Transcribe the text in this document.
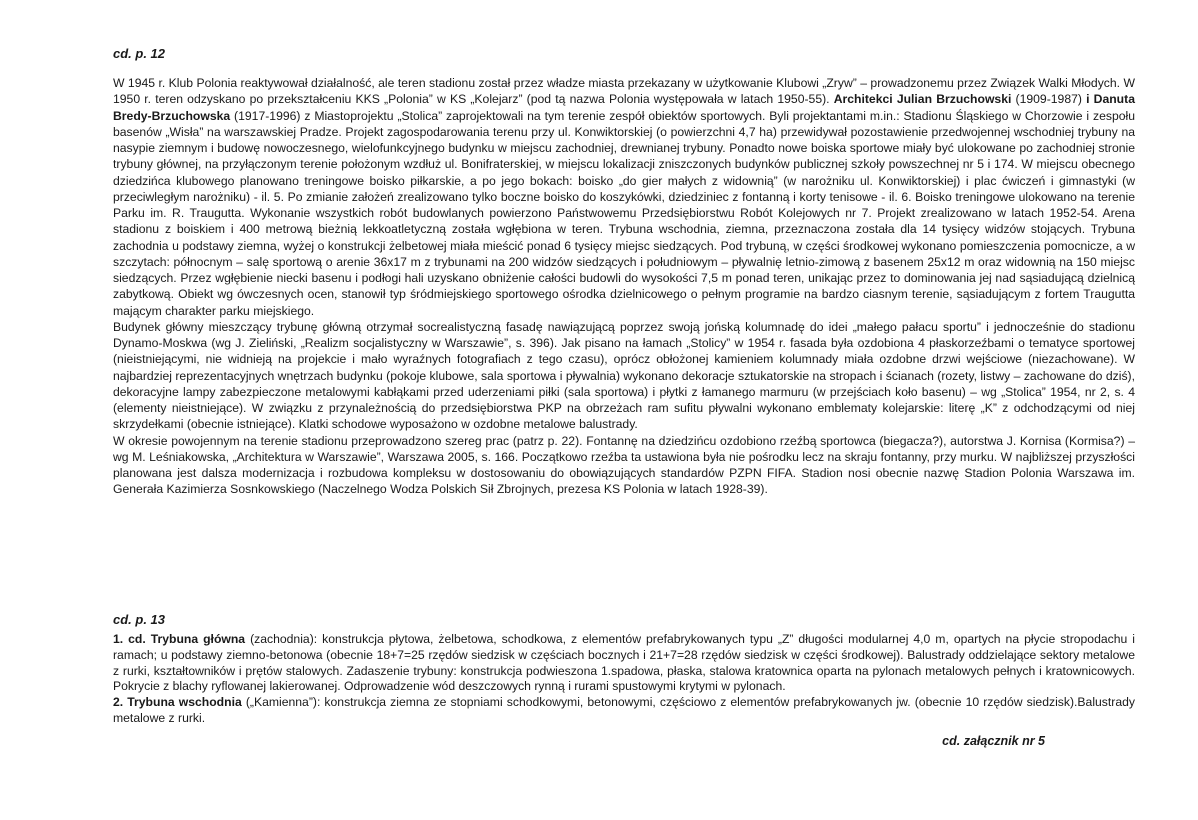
cd. p. 12

W 1945 r. Klub Polonia reaktywował działalność, ale teren stadionu został przez władze miasta przekazany w użytkowanie Klubowi „Zryw” – prowadzonemu przez Związek Walki Młodych. W 1950 r. teren odzyskano po przekształceniu KKS „Polonia” w KS „Kolejarz” (pod tą nazwa Polonia występowała w latach 1950-55). Architekci Julian Brzuchowski (1909-1987) i Danuta Bredy-Brzuchowska (1917-1996) z Miastoprojektu „Stolica” zaprojektowali na tym terenie zespół obiektów sportowych. Byli projektantami m.in.: Stadionu Śląskiego w Chorzowie i zespołu basenów „Wisła” na warszawskiej Pradze. Projekt zagospodarowania terenu przy ul. Konwiktorskiej (o powierzchni 4,7 ha) przewidywał pozostawienie przedwojennej wschodniej trybuny na nasypie ziemnym i budowę nowoczesnego, wielofunkcyjnego budynku w miejscu zachodniej, drewnianej trybuny. Ponadto nowe boiska sportowe miały być ulokowane po zachodniej stronie trybuny głównej, na przyłączonym terenie położonym wzdłuż ul. Bonifraterskiej, w miejscu lokalizacji zniszczonych budynków publicznej szkoły powszechnej nr 5 i 174. W miejscu obecnego dziedzińca klubowego planowano treningowe boisko piłkarskie, a po jego bokach: boisko „do gier małych z widownią” (w narożniku ul. Konwiktorskiej) i plac ćwiczeń i gimnastyki (w przeciwległym narożniku) - il. 5. Po zmianie założeń zrealizowano tylko boczne boisko do koszykówki, dziedziniec z fontanną i korty tenisowe - il. 6. Boisko treningowe ulokowano na terenie Parku im. R. Traugutta. Wykonanie wszystkich robót budowlanych powierzono Państwowemu Przedsiębiorstwu Robót Kolejowych nr 7. Projekt zrealizowano w latach 1952-54. Arena stadionu z boiskiem i 400 metrową bieżnią lekkoatletyczną została wgłębiona w teren. Trybuna wschodnia, ziemna, przeznaczona została dla 14 tysięcy widzów stojących. Trybuna zachodnia u podstawy ziemna, wyżej o konstrukcji żelbetowej miała mieścić ponad 6 tysięcy miejsc siedzących. Pod trybuną, w części środkowej wykonano pomieszczenia pomocnicze, a w szczytach: północnym – salę sportową o arenie 36x17 m z trybunami na 200 widzów siedzących i południowym – pływalnię letnio-zimową z basenem 25x12 m oraz widownią na 150 miejsc siedzących. Przez wgłębienie niecki basenu i podłogi hali uzyskano obniżenie całości budowli do wysokości 7,5 m ponad teren, unikając przez to dominowania jej nad sąsiadującą dzielnicą zabytkową. Obiekt wg ówczesnych ocen, stanowił typ śródmiejskiego sportowego ośrodka dzielnicowego o pełnym programie na bardzo ciasnym terenie, sąsiadującym z fortem Traugutta mającym charakter parku miejskiego.

Budynek główny mieszczący trybunę główną otrzymał socrealistyczną fasadę nawiązującą poprzez swoją jońską kolumnadę do idei „małego pałacu sportu” i jednocześnie do stadionu Dynamo-Moskwa (wg J. Zieliński, „Realizm socjalistyczny w Warszawie”, s. 396). Jak pisano na łamach „Stolicy” w 1954 r. fasada była ozdobiona 4 płaskorzeźbami o tematyce sportowej (nieistniejącymi, nie widnieją na projekcie i mało wyraźnych fotografiach z tego czasu), oprócz obłożonej kamieniem kolumnady miała ozdobne drzwi wejściowe (niezachowane). W najbardziej reprezentacyjnych wnętrzach budynku (pokoje klubowe, sala sportowa i pływalnia) wykonano dekoracje sztukatorskie na stropach i ścianach (rozety, listwy – zachowane do dziś), dekoracyjne lampy zabezpieczone metalowymi kabłąkami przed uderzeniami piłki (sala sportowa) i płytki z łamanego marmuru (w przejściach koło basenu) – wg „Stolica” 1954, nr 2, s. 4 (elementy nieistniejące). W związku z przynależnością do przedsiębiorstwa PKP na obrzeżach ram sufitu pływalni wykonano emblematy kolejarskie: literę „K” z odchodzącymi od niej skrzydełkami (obecnie istniejące). Klatki schodowe wyposażono w ozdobne metalowe balustrady.

W okresie powojennym na terenie stadionu przeprowadzono szereg prac (patrz p. 22). Fontannę na dziedzińcu ozdobiono rzeźbą sportowca (biegacza?), autorstwa J. Kornisa (Kormisa?) – wg M. Leśniakowska, „Architektura w Warszawie”, Warszawa 2005, s. 166. Początkowo rzeźba ta ustawiona była nie pośrodku lecz na skraju fontanny, przy murku. W najbliższej przyszłości planowana jest dalsza modernizacja i rozbudowa kompleksu w dostosowaniu do obowiązujących standardów PZPN FIFA. Stadion nosi obecnie nazwę Stadion Polonia Warszawa im. Generała Kazimierza Sosnkowskiego (Naczelnego Wodza Polskich Sił Zbrojnych, prezesa KS Polonia w latach 1928-39).

cd. p. 13

1. cd. Trybuna główna (zachodnia): konstrukcja płytowa, żelbetowa, schodkowa, z elementów prefabrykowanych typu „Z” długości modularnej 4,0 m, opartych na płycie stropodachu i ramach; u podstawy ziemno-betonowa (obecnie 18+7=25 rzędów siedzisk w częściach bocznych i 21+7=28 rzędów siedzisk w części środkowej). Balustrady oddzielające sektory metalowe z rurki, kształtowników i prętów stalowych. Zadaszenie trybuny: konstrukcja podwieszona 1.spadowa, płaska, stalowa kratownica oparta na pylonach metalowych pełnych i kratownicowych. Pokrycie z blachy ryflowanej lakierowanej. Odprowadzenie wód deszczowych rynną i rurami spustowymi krytymi w pylonach.

2. Trybuna wschodnia („Kamienna”): konstrukcja ziemna ze stopniami schodkowymi, betonowymi, częściowo z elementów prefabrykowanych jw. (obecnie 10 rzędów siedzisk).Balustrady metalowe z rurki.

cd. załącznik nr 5
